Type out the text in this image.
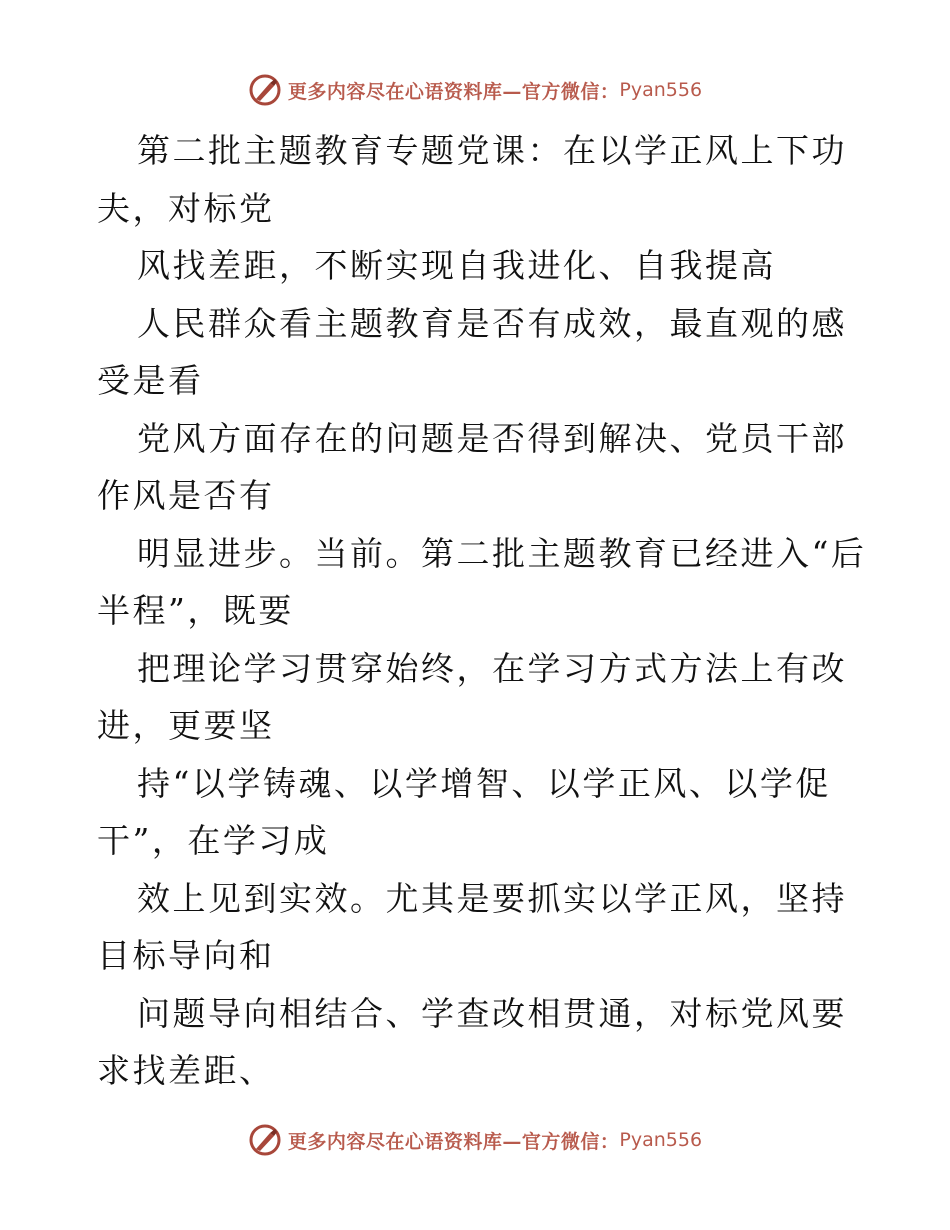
更多内容尽在心语资料库—官方微信： Pyan556

第二批主题教育专题党课：在以学正风上下功夫，对标党

风找差距，不断实现自我进化、自我提高

人民群众看主题教育是否有成效，最直观的感受是看

党风方面存在的问题是否得到解决、党员干部作风是否有

明显进步。当前。第二批主题教育已经进入“后半程”，既要

把理论学习贯穿始终，在学习方式方法上有改进，更要坚

持“以学铸魂、以学增智、以学正风、以学促干”，在学习成

效上见到实效。尤其是要抓实以学正风，坚持目标导向和

问题导向相结合、学查改相贯通，对标党风要求找差距、

更多内容尽在心语资料库—官方微信： Pyan556
